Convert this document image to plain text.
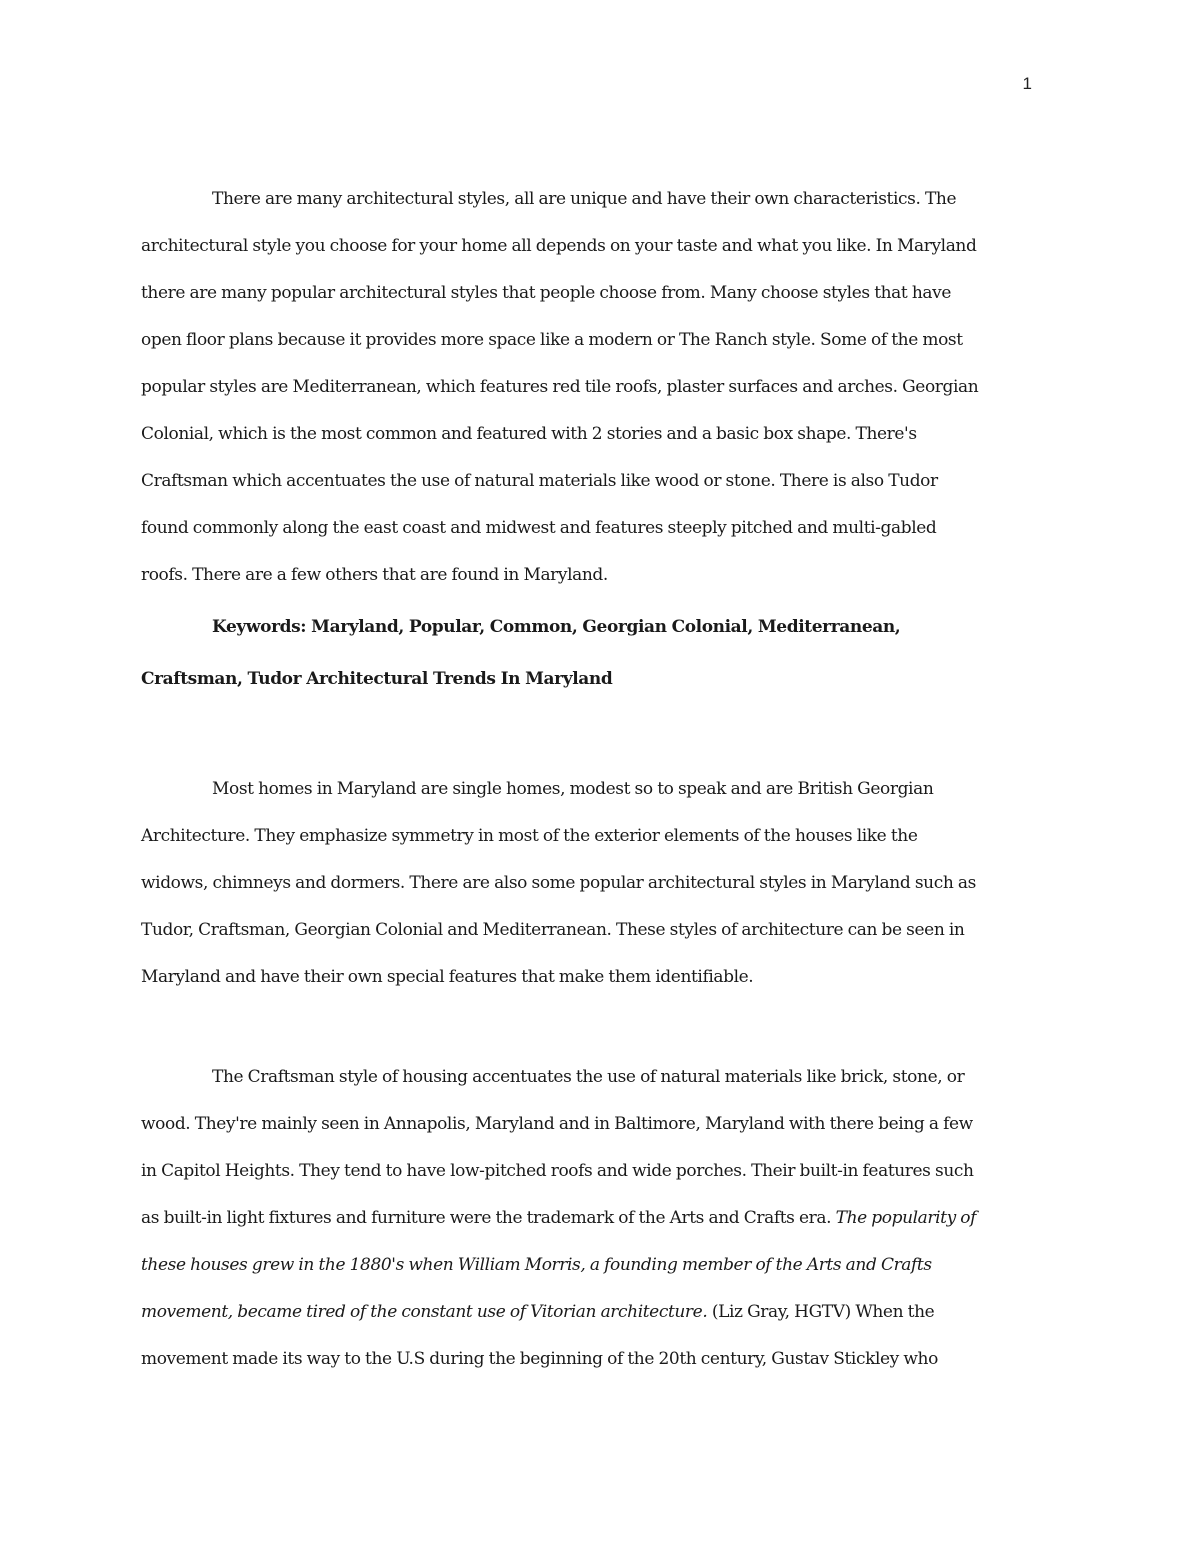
1

There are many architectural styles, all are unique and have their own characteristics. The
architectural style you choose for your home all depends on your taste and what you like. In Maryland
there are many popular architectural styles that people choose from. Many choose styles that have
open floor plans because it provides more space like a modern or The Ranch style. Some of the most
popular styles are Mediterranean, which features red tile roofs, plaster surfaces and arches. Georgian
Colonial, which is the most common and featured with 2 stories and a basic box shape. There's
Craftsman which accentuates the use of natural materials like wood or stone. There is also Tudor
found commonly along the east coast and midwest and features steeply pitched and multi-gabled
roofs. There are a few others that are found in Maryland.

Keywords: Maryland, Popular, Common, Georgian Colonial, Mediterranean,
Craftsman, Tudor Architectural Trends In Maryland

Most homes in Maryland are single homes, modest so to speak and are British Georgian
Architecture. They emphasize symmetry in most of the exterior elements of the houses like the
widows, chimneys and dormers. There are also some popular architectural styles in Maryland such as
Tudor, Craftsman, Georgian Colonial and Mediterranean. These styles of architecture can be seen in
Maryland and have their own special features that make them identifiable.

The Craftsman style of housing accentuates the use of natural materials like brick, stone, or
wood. They're mainly seen in Annapolis, Maryland and in Baltimore, Maryland with there being a few
in Capitol Heights. They tend to have low-pitched roofs and wide porches. Their built-in features such
as built-in light fixtures and furniture were the trademark of the Arts and Crafts era. The popularity of
these houses grew in the 1880's when William Morris, a founding member of the Arts and Crafts
movement, became tired of the constant use of Vitorian architecture. (Liz Gray, HGTV) When the
movement made its way to the U.S during the beginning of the 20th century, Gustav Stickley who
